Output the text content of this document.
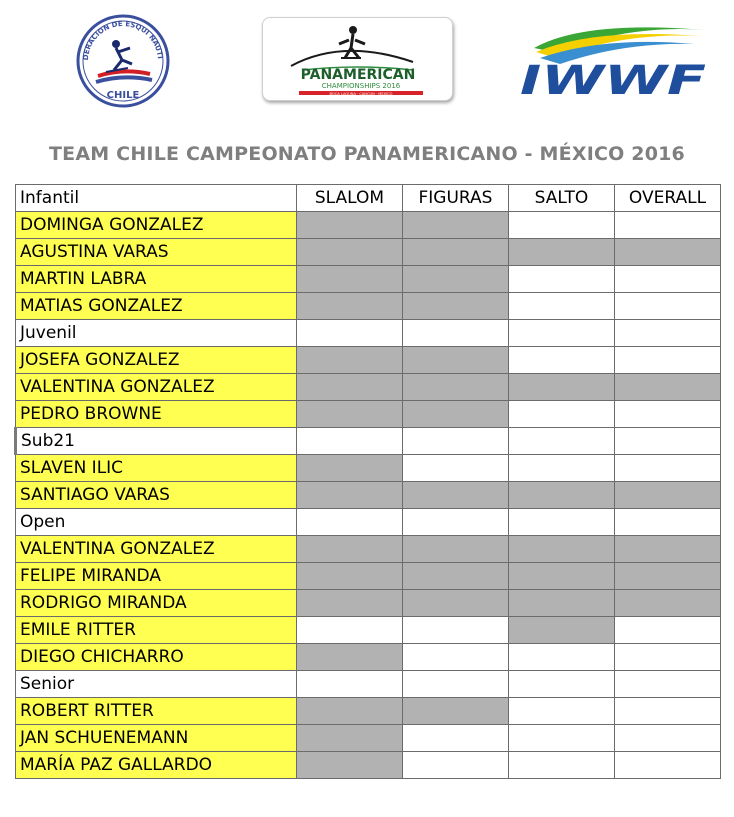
DERACION DE ESQUI NAUTI
CHILE
PANAMERICAN
CHAMPIONSHIPS 2016
BOCA LAGUNA · CANCUN · MEXICO	IWWF
TEAM CHILE CAMPEONATO PANAMERICANO - MÉXICO 2016
Infantil	SLALOM	FIGURAS	SALTO	OVERALL
DOMINGA GONZALEZ				
AGUSTINA VARAS				
MARTIN LABRA				
MATIAS GONZALEZ				
Juvenil				
JOSEFA GONZALEZ				
VALENTINA GONZALEZ				
PEDRO BROWNE				
Sub21				
SLAVEN ILIC				
SANTIAGO VARAS				
Open				
VALENTINA GONZALEZ				
FELIPE MIRANDA				
RODRIGO MIRANDA				
EMILE RITTER				
DIEGO CHICHARRO				
Senior				
ROBERT RITTER				
JAN SCHUENEMANN				
MARÍA PAZ GALLARDO				
